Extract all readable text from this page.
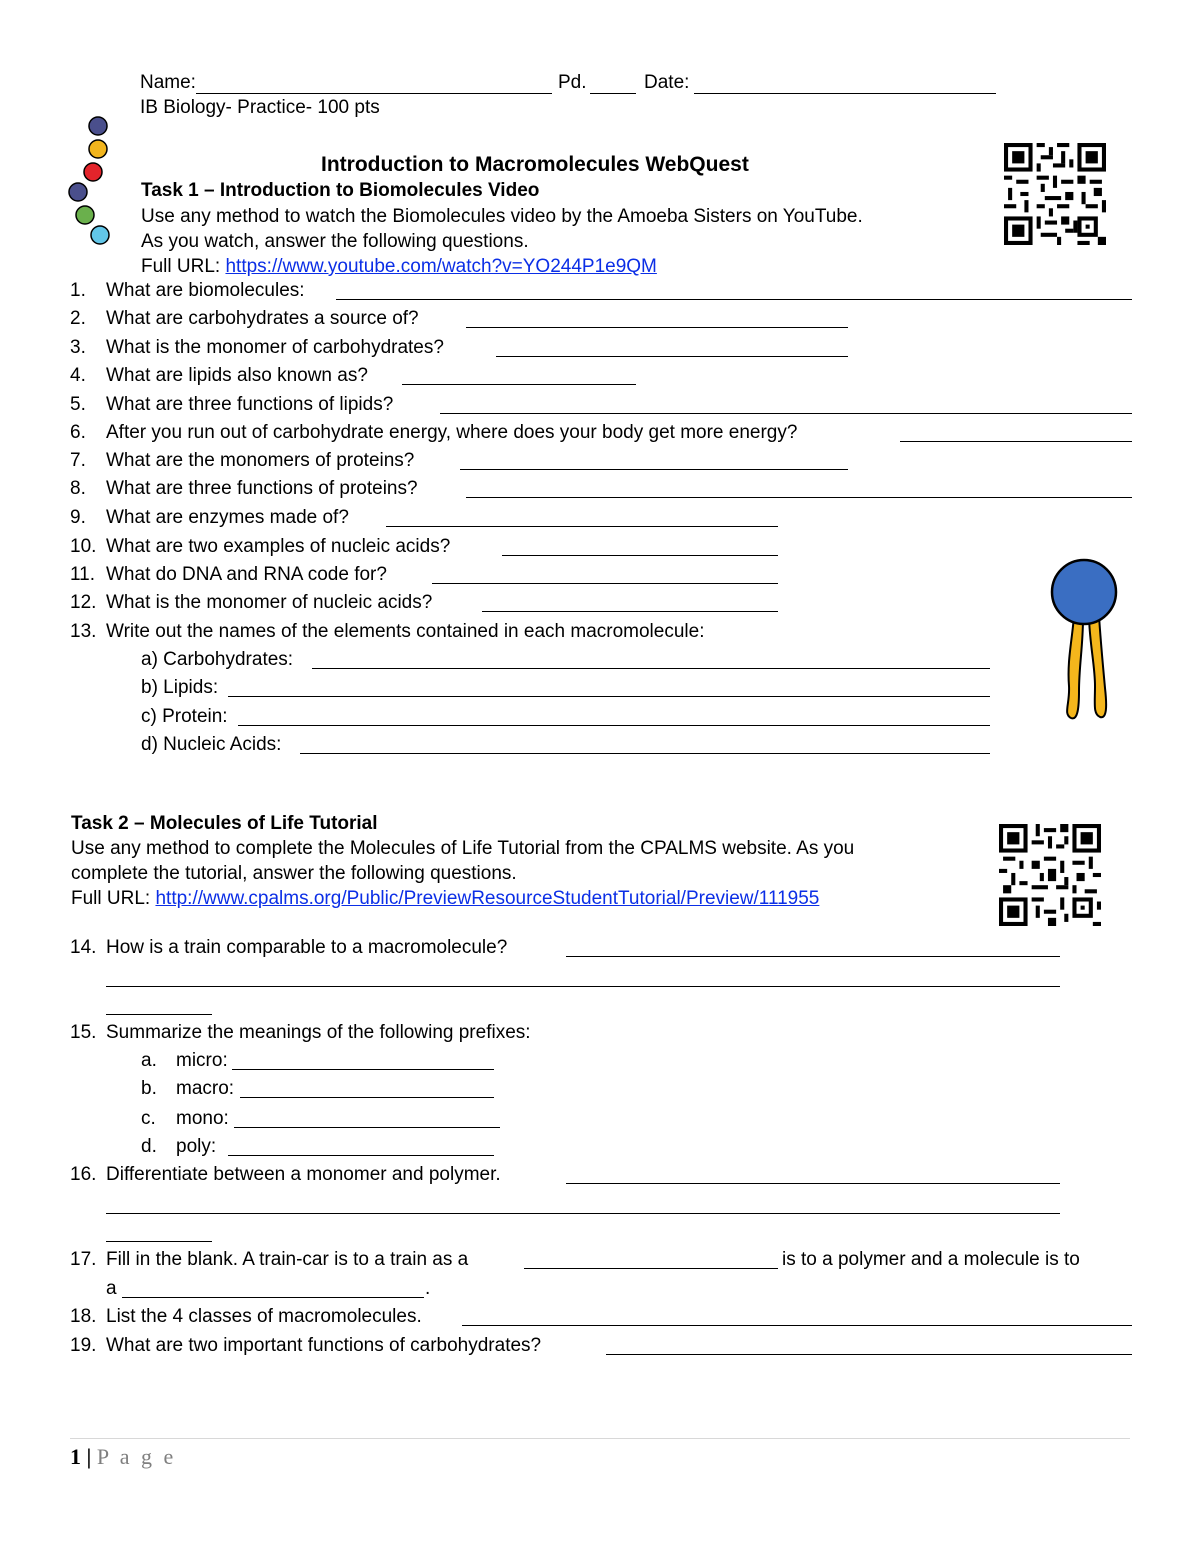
Name:	Pd.	Date:
IB Biology- Practice- 100 pts
Introduction to Macromolecules WebQuest
Task 1 – Introduction to Biomolecules Video
Use any method to watch the Biomolecules video by the Amoeba Sisters on YouTube.
As you watch, answer the following questions.
Full URL: https://www.youtube.com/watch?v=YO244P1e9QM
1.	What are biomolecules:
2.	What are carbohydrates a source of?
3.	What is the monomer of carbohydrates?
4.	What are lipids also known as?
5.	What are three functions of lipids?
6.	After you run out of carbohydrate energy, where does your body get more energy?
7.	What are the monomers of proteins?
8.	What are three functions of proteins?
9.	What are enzymes made of?
10. What are two examples of nucleic acids?
11. What do DNA and RNA code for?
12. What is the monomer of nucleic acids?
13. Write out the names of the elements contained in each macromolecule:
a) Carbohydrates:
b) Lipids:
c) Protein:
d) Nucleic Acids:
Task 2 – Molecules of Life Tutorial
Use any method to complete the Molecules of Life Tutorial from the CPALMS website. As you
complete the tutorial, answer the following questions.
Full URL: http://www.cpalms.org/Public/PreviewResourceStudentTutorial/Preview/111955
14. How is a train comparable to a macromolecule?
15. Summarize the meanings of the following prefixes:
a. micro:
b. macro:
c. mono:
d. poly:
16. Differentiate between a monomer and polymer.
17. Fill in the blank. A train-car is to a train as a	is to a polymer and a molecule is to
a	.
18. List the 4 classes of macromolecules.
19. What are two important functions of carbohydrates?
1 | P a g e
